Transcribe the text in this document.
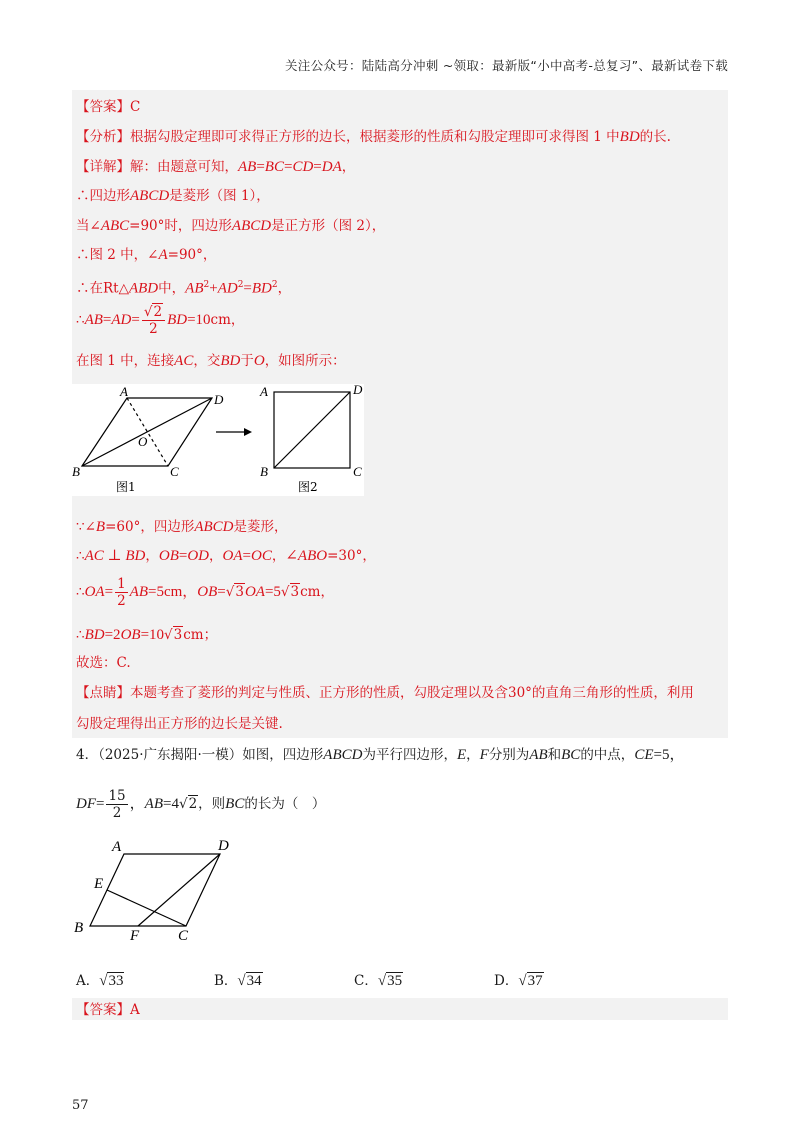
关注公众号：陆陆高分冲刺 ~领取：最新版“小中高考-总复习”、最新试卷下载
【答案】C
【分析】根据勾股定理即可求得正方形的边长，根据菱形的性质和勾股定理即可求得图 1 中BD的长.
【详解】解：由题意可知，AB=BC=CD=DA，
∴四边形ABCD是菱形（图 1），
当∠ABC=90°时，四边形ABCD是正方形（图 2），
∴图 2 中，∠A=90°，
∴在Rt△ABD中，$AB^2+AD^2=BD^2$，
∴AB=AD= $\frac{√2}{2} BD=10cm$，
在图 1 中，连接AC，交BD于O，如图所示：
A
B	C
D
O
A
B	C
D
图1	图2
∵∠B=60°，四边形ABCD是菱形，
∴AC ⊥ BD，OB=OD，OA=OC，∠ABO=30°，
∴OA= $\frac{1}{2} AB=5cm$，OB=√3OA=5√3cm，
∴BD=2OB=10√3cm；
故选：C.
【点睛】本题考查了菱形的判定与性质、正方形的性质，勾股定理以及含30°的直角三角形的性质，利用
勾股定理得出正方形的边长是关键.
4．（2025·广东揭阳·一模）如图，四边形ABCD为平行四边形，E，F分别为AB和BC的中点，CE=5，
$DF= \frac{15}{2}$ ，AB=4√2，则BC的长为（　）
A
B	C
D
E
F
A．√33	B．√34	C．√35	D．√37
【答案】A
57
